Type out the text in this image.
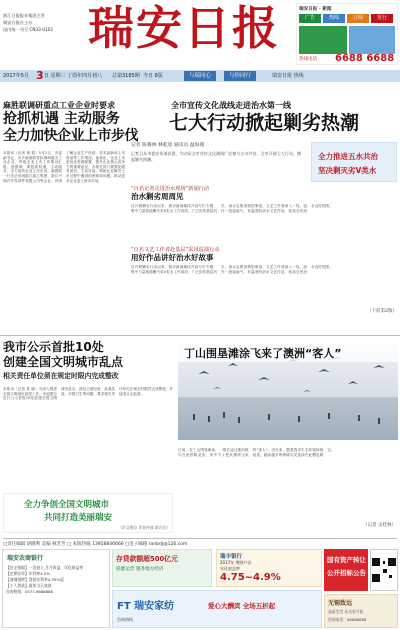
浙江日报报业集团主管
瑞安日报社主办
国内统一刊号 CN33-0102 瑞安日报	瑞安日报 · 新闻
广告	热线	订阅	发行
热线电话	6688 6688
2017年5月 3 日 星期三 丁酉年四月初八 总第3185期 今日 8版	与瑞同心	与你同行	瑞安日报 热线
麻胜联调研重点工业企业时要求
抢抓机遇 主动服务
全力加快企业上市步伐
本报讯（记者 林 瑞）5月2日，市委副书记、市长麻胜联带队调研重点工业企业，听取企业上市工作情况汇报。他强调，要抢抓机遇，主动服务，全力加快企业上市步伐。麻胜联一行先后来到浙江瑞立集团、浙江兴瑞汽车零部件有限公司等企业，详细了解企业生产经营、技术创新和上市准备等工作情况。他指出，企业上市是优化资源配置、提升企业核心竞争力的重要途径，各相关部门要强化服务意识，主动对接，帮助企业解决上市过程中遇到的困难和问题，推动更多企业进入资本市场。
全市宣传文化战线走进治水第一线
七大行动掀起剿劣热潮
记者 陈赛林 林乾思 通讯员 温海燕
记者日从市委宣传部获悉，为动员全市宣传文化战线广泛参与五水共治，全市开展七大行动，掀起剿劣热潮。	全力推进五水共治
坚决剿灭劣V类水
“百名记者走进治水现场”新闻行动
治水剿劣周周见
自开展剿劣行动以来，我市新闻媒体开设专栏专题，集中力量报道剿灭劣V类水工作成效，广泛宣传基层河长、治水志愿者典型事迹。文艺工作者深入一线，创作一批接地气、有温度的治水文艺作品，营造全民治水良好氛围。
“百名文艺工作者赴基层”采风巡演行动
用好作品讲好治水好故事
自开展剿劣行动以来，我市新闻媒体开设专栏专题，集中力量报道剿灭劣V类水工作成效，广泛宣传基层河长、治水志愿者典型事迹。文艺工作者深入一线，创作一批接地气、有温度的治水文艺作品，营造全民治水良好氛围。
（下转第2版）
我市公示首批10处
创建全国文明城市乱点
相关责任单位须在规定时限内完成整改
本报讯（记者 蔡 瑜）为深入推进全国文明城市创建工作，市创建办近日公示首批10处创建全国文明城市乱点，涉及占道经营、乱堆乱放、环境卫生等问题，要求相关责任单位在规定时限内完成整改，并接受社会监督。
丁山围垦滩涂飞来了澳洲“客人”
日前，在丁山围垦滩涂，一群长途迁徙的候鸟在此停歇觅食，其中不少是从澳洲飞来的“客人”。近年来，随着我市生态环境持续改善，越来越多的珍稀鸟类选择在此栖息繁衍。
（记者 吴桂林）
全力争创全国文明城市
共同打造美丽瑞安
（市文明办 市宣传部 联合宣）
□责任编辑 胡晓利 美编 林芳芳 □ 本版热线 13958846666 □电子邮箱 ranbdj@126.com
瑞安农商银行
【住宅按揭】一次投入 月月收益，年化收益率
【定期存单】年利率4.2%
【商铺抵押】贷款年利率4.35%起
【个人贷款】最快当天放款
咨询热线：0577-6688888
存贷款额超500亿元
稳健运营 服务地方经济
瑞丰银行
2017年 理财产品
年化收益率
4.75~4.9%
FT 瑞安家纺	爱心大酬宾 全场五折起
咨询热线
国有资产转让
公开招标公告
无锡致远
品质生活 从这里开始
咨询电话：66888888
